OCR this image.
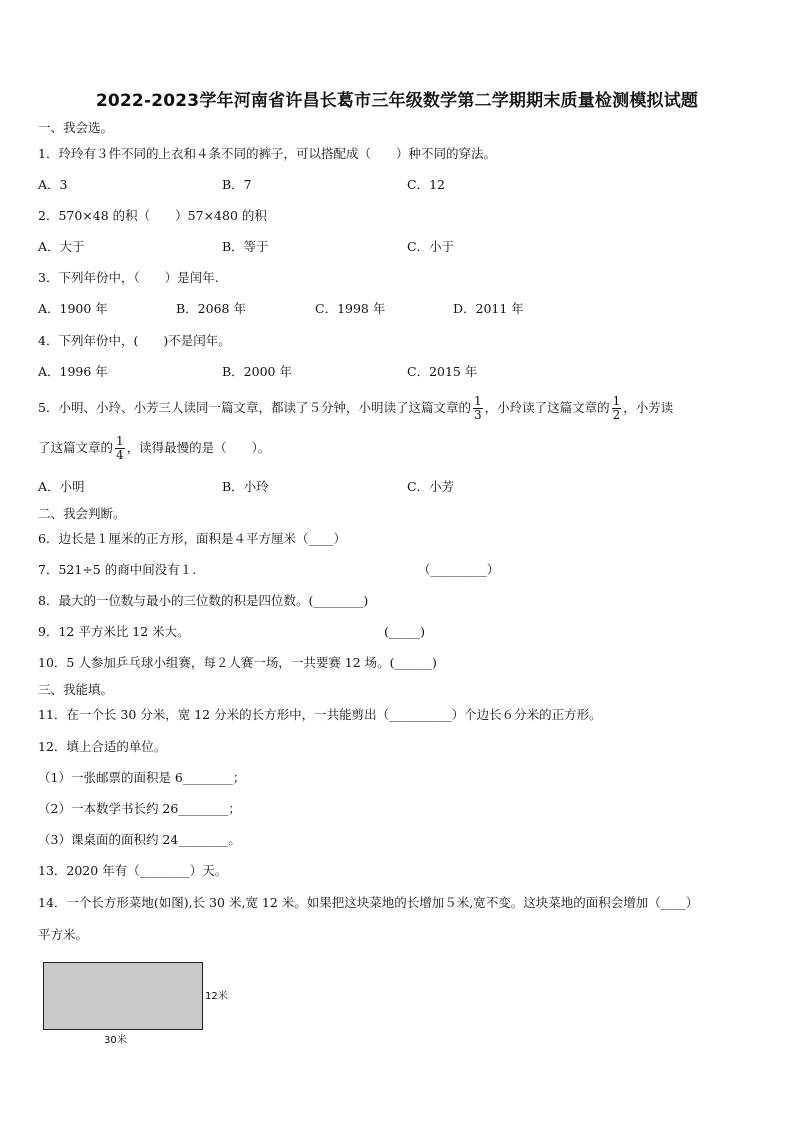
2022-2023学年河南省许昌长葛市三年级数学第二学期期末质量检测模拟试题
一、我会选。
1．玲玲有３件不同的上衣和４条不同的裤子，可以搭配成（　　）种不同的穿法。
A．3	B．7	C．12
2．570×48 的积（　　）57×480 的积
A．大于	B．等于	C．小于
3．下列年份中，（　　）是闰年.
A．1900 年	B．2068 年	C．1998 年	D．2011 年
4．下列年份中，(　　)不是闰年。
A．1996 年	B．2000 年	C．2015 年
5．小明、小玲、小芳三人读同一篇文章，都读了５分钟，小明读了这篇文章的 $\frac{1}{3}$ ，小玲读了这篇文章的 $\frac{1}{2}$ ，小芳读
了这篇文章的 $\frac{1}{4}$ ，读得最慢的是（　　）。
A．小明	B．小玲	C．小芳
二、我会判断。
6．边长是１厘米的正方形，面积是４平方厘米（____）
7．521÷5 的商中间没有１.	（_________）
8．最大的一位数与最小的三位数的积是四位数。(________)
9．12 平方米比 12 米大。	(_____)
10．5 人参加乒乓球小组赛，每２人赛一场，一共要赛 12 场。(______)
三、我能填。
11．在一个长 30 分米，宽 12 分米的长方形中，一共能剪出（__________）个边长６分米的正方形。
12．填上合适的单位。
（1）一张邮票的面积是 6________；
（2）一本数学书长约 26________；
（3）课桌面的面积约 24________。
13．2020 年有（________）天。
14．一个长方形菜地(如图),长 30 米,宽 12 米。如果把这块菜地的长增加５米,宽不变。这块菜地的面积会增加（____）
平方米。
12米
30米
